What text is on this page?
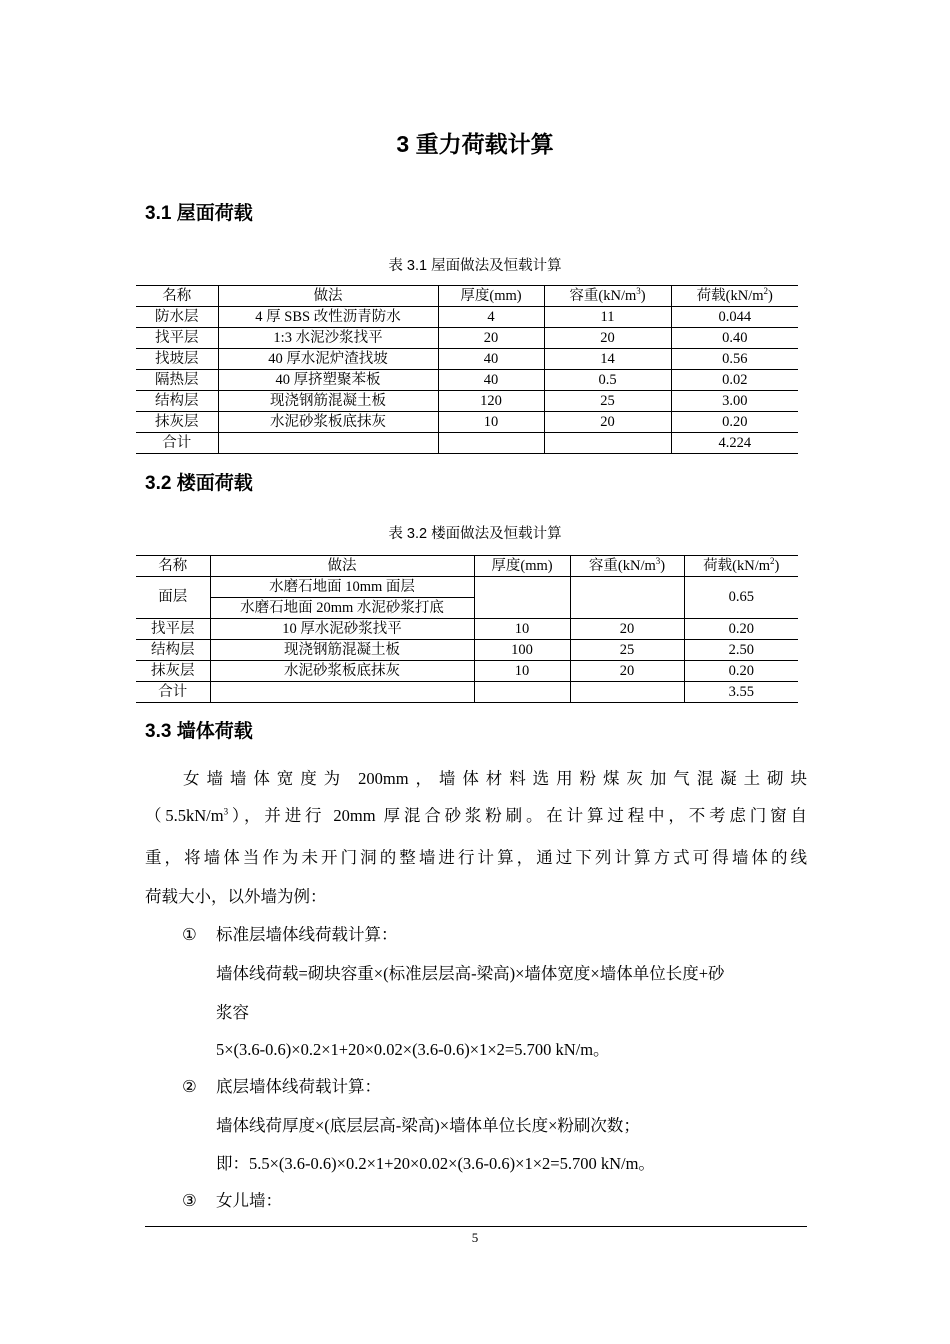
3 重力荷载计算
3.1 屋面荷载
表 3.1 屋面做法及恒载计算
名称	做法	厚度(mm)	容重$(kN/m^3)$	荷载$(kN/m^2)$
防水层	4 厚 SBS 改性沥青防水	4	11	0.044
找平层	1:3 水泥沙浆找平	20	20	0.40
找坡层	40 厚水泥炉渣找坡	40	14	0.56
隔热层	40 厚挤塑聚苯板	40	0.5	0.02
结构层	现浇钢筋混凝土板	120	25	3.00
抹灰层	水泥砂浆板底抹灰	10	20	0.20
合计				4.224
3.2 楼面荷载
表 3.2 楼面做法及恒载计算
名称	做法	厚度(mm)	容重$(kN/m^3)$	荷载$(kN/m^2)$
面层	水磨石地面 10mm 面层			0.65
	水磨石地面 20mm 水泥砂浆打底			
找平层	10 厚水泥砂浆找平	10	20	0.20
结构层	现浇钢筋混凝土板	100	25	2.50
抹灰层	水泥砂浆板底抹灰	10	20	0.20
合计				3.55
3.3 墙体荷载
女墙墙体宽度为 200mm，墙体材料选用粉煤灰加气混凝土砌块
$(5.5kN/m^3)$，并进行 20mm 厚混合砂浆粉刷。在计算过程中，不考虑门窗自
重，将墙体当作为未开门洞的整墙进行计算，通过下列计算方式可得墙体的线
荷载大小，以外墙为例：
① 标准层墙体线荷载计算：
墙体线荷载=砌块容重×(标准层层高-梁高)×墙体宽度×墙体单位长度+砂
浆容
5×(3.6-0.6)×0.2×1+20×0.02×(3.6-0.6)×1×2=5.700 kN/m。
② 底层墙体线荷载计算：
墙体线荷厚度×(底层层高-梁高)×墙体单位长度×粉刷次数；
即：5.5×(3.6-0.6)×0.2×1+20×0.02×(3.6-0.6)×1×2=5.700 kN/m。
③ 女儿墙：
5
